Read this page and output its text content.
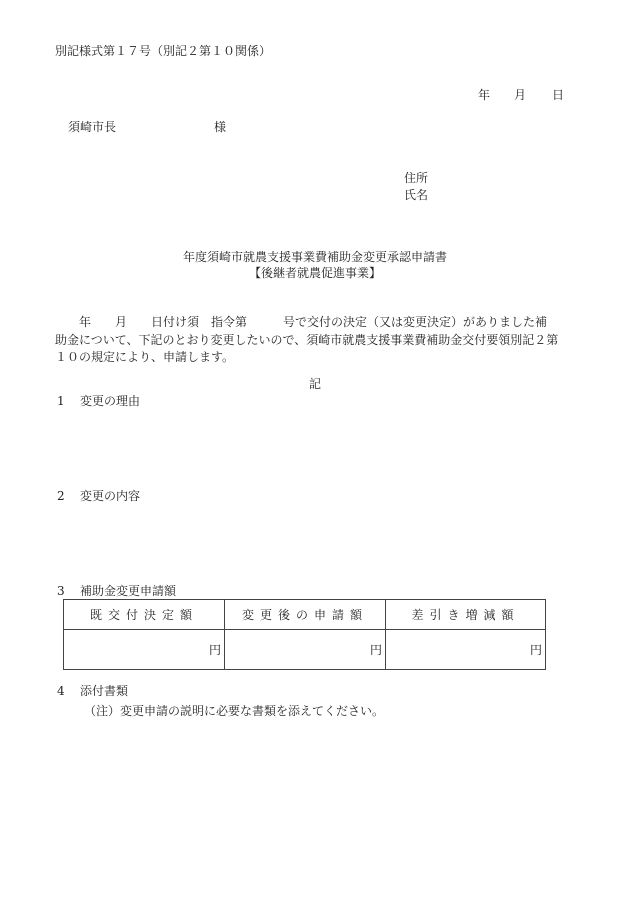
別記様式第１７号（別記２第１０関係）
年 月 日
須崎市長	様
住所
氏名
年度須崎市就農支援事業費補助金変更承認申請書
【後継者就農促進事業】
　　年　　月　　日付け須　指令第　　　号で交付の決定（又は変更決定）がありました補
助金について、下記のとおり変更したいので、須崎市就農支援事業費補助金交付要領別記２第
１０の規定により、申請します。
記
1 変更の理由
2 変更の内容
3 補助金変更申請額
既交付決定額	変更後の申請額	差引き増減額
円	円	円
4 添付書類
（注）変更申請の説明に必要な書類を添えてください。
